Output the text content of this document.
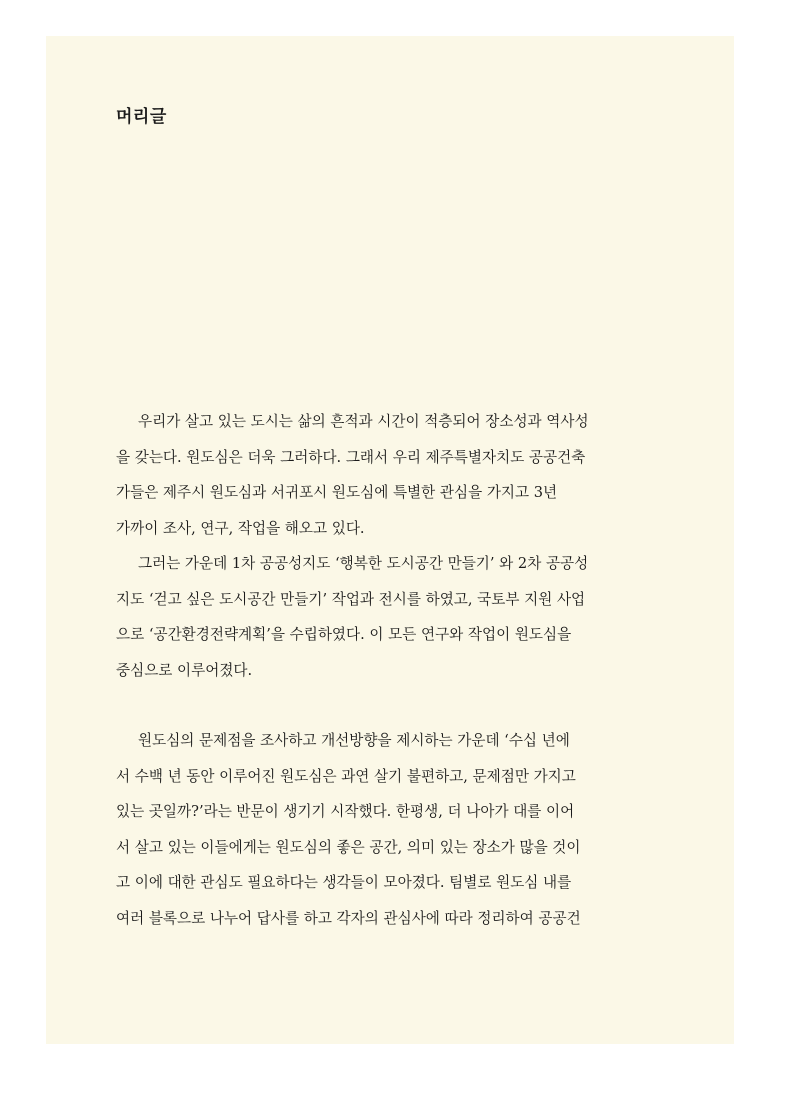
머리글

우리가 살고 있는 도시는 삶의 흔적과 시간이 적층되어 장소성과 역사성
을 갖는다. 원도심은 더욱 그러하다. 그래서 우리 제주특별자치도 공공건축
가들은 제주시 원도심과 서귀포시 원도심에 특별한 관심을 가지고 3년
가까이 조사, 연구, 작업을 해오고 있다.

그러는 가운데 1차 공공성지도 ‘행복한 도시공간 만들기’ 와 2차 공공성
지도 ‘걷고 싶은 도시공간 만들기’ 작업과 전시를 하였고, 국토부 지원 사업
으로 ‘공간환경전략계획’을 수립하였다. 이 모든 연구와 작업이 원도심을
중심으로 이루어졌다.

원도심의 문제점을 조사하고 개선방향을 제시하는 가운데 ‘수십 년에
서 수백 년 동안 이루어진 원도심은 과연 살기 불편하고, 문제점만 가지고
있는 곳일까?’라는 반문이 생기기 시작했다. 한평생, 더 나아가 대를 이어
서 살고 있는 이들에게는 원도심의 좋은 공간, 의미 있는 장소가 많을 것이
고 이에 대한 관심도 필요하다는 생각들이 모아졌다. 팀별로 원도심 내를
여러 블록으로 나누어 답사를 하고 각자의 관심사에 따라 정리하여 공공건
